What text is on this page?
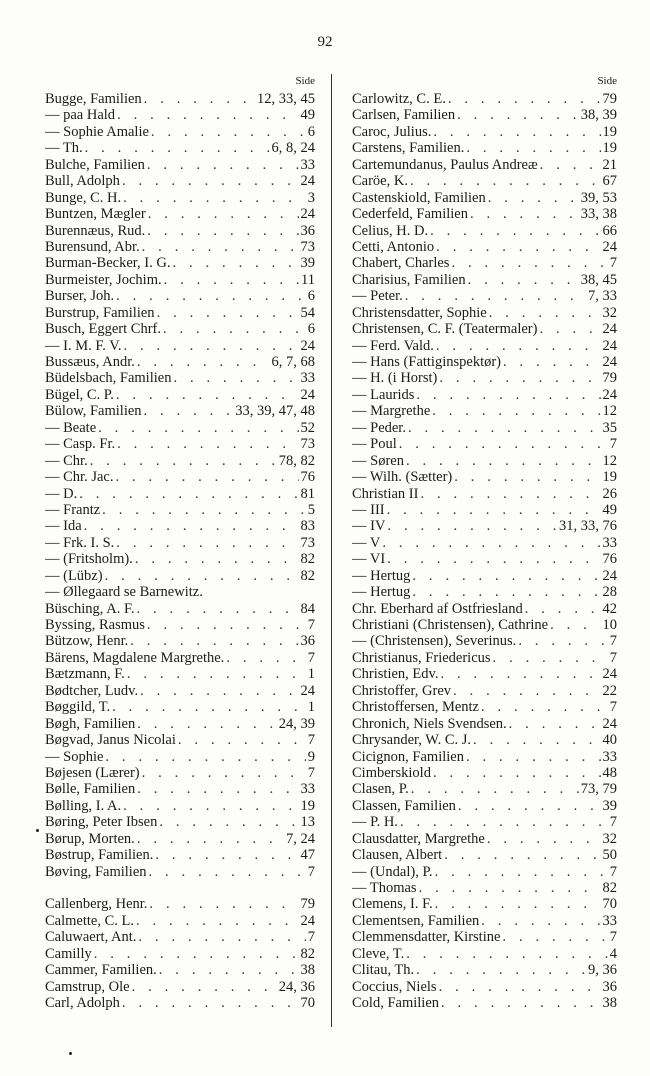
92
Side
Bugge, Familien . . .	12, 33, 45
— paa Hald . . .	49
— Sophie Amalie . . .	6
— Th. . . .	6, 8, 24
Bulche, Familien . . .	33
Bull, Adolph . . .	24
Bunge, C. H. . . .	3
Buntzen, Mægler . . .	24
Burennæus, Rud. . . .	36
Burensund, Abr. . . .	73
Burman-Becker, I. G. . . .	39
Burmeister, Jochim. . . .	11
Burser, Joh. . . .	6
Burstrup, Familien . . .	54
Busch, Eggert Chrf. . . .	6
— I. M. F. V. . . .	24
Bussæus, Andr. . . .	6, 7, 68
Büdelsbach, Familien . . .	33
Bügel, C. P. . . .	24
Bülow, Familien . . .	33, 39, 47, 48
— Beate . . .	52
— Casp. Fr. . . .	73
— Chr. . . .	78, 82
— Chr. Jac. . . .	76
— D. . . .	81
— Frantz . . .	5
— Ida . . .	83
— Frk. I. S. . . .	73
— (Fritsholm). . . .	82
— (Lübz) . . .	82
— Øllegaard se Barnewitz.
Büsching, A. F. . . .	84
Byssing, Rasmus . . .	7
Bützow, Henr. . . .	36
Bärens, Magdalene Margrethe. . . .	7
Bætzmann, F. . . .	1
Bødtcher, Ludv. . . .	24
Bøggild, T. . . .	1
Bøgh, Familien . . .	24, 39
Bøgvad, Janus Nicolai . . .	7
— Sophie . . .	9
Bøjesen (Lærer) . . .	7
Bølle, Familien . . .	33
Bølling, I. A. . . .	19
Børing, Peter Ibsen . . .	13
Børup, Morten. . . .	7, 24
Bøstrup, Familien. . . .	47
Bøving, Familien . . .	7
Callenberg, Henr. . . .	79
Calmette, C. L. . . .	24
Caluwaert, Ant. . . .	7
Camilly . . .	82
Cammer, Familien. . . .	38
Camstrup, Ole . . .	24, 36
Carl, Adolph . . .	70
Side
Carlowitz, C. E. . . .	79
Carlsen, Familien . . .	38, 39
Caroc, Julius. . . .	19
Carstens, Familien. . . .	19
Cartemundanus, Paulus Andreæ . . .	21
Caröe, K. . . .	67
Castenskiold, Familien . . .	39, 53
Cederfeld, Familien . . .	33, 38
Celius, H. D. . . .	66
Cetti, Antonio . . .	24
Chabert, Charles . . .	7
Charisius, Familien . . .	38, 45
— Peter. . . .	7, 33
Christensdatter, Sophie . . .	32
Christensen, C. F. (Teatermaler) . . .	24
— Ferd. Vald. . . .	24
— Hans (Fattiginspektør) . . .	24
— H. (i Horst) . . .	79
— Laurids . . .	24
— Margrethe . . .	12
— Peder. . . .	35
— Poul . . .	7
— Søren . . .	12
— Wilh. (Sætter) . . .	19
Christian II . . .	26
— III . . .	49
— IV . . .	31, 33, 76
— V . . .	33
— VI . . .	76
— Hertug . . .	24
— Hertug . . .	28
Chr. Eberhard af Ostfriesland . . .	42
Christiani (Christensen), Cathrine . . .	10
— (Christensen), Severinus. . . .	7
Christianus, Friedericus . . .	7
Christien, Edv. . . .	24
Christoffer, Grev . . .	22
Christoffersen, Mentz . . .	7
Chronich, Niels Svendsen. . . .	24
Chrysander, W. C. J. . . .	40
Cicignon, Familien . . .	33
Cimberskiold . . .	48
Clasen, P. . . .	73, 79
Classen, Familien . . .	39
— P. H. . . .	7
Clausdatter, Margrethe . . .	32
Clausen, Albert . . .	50
— (Undal), P. . . .	7
— Thomas . . .	82
Clemens, I. F. . . .	70
Clementsen, Familien . . .	33
Clemmensdatter, Kirstine . . .	7
Cleve, T. . . .	4
Clitau, Th. . . .	9, 36
Coccius, Niels . . .	36
Cold, Familien . . .	38
